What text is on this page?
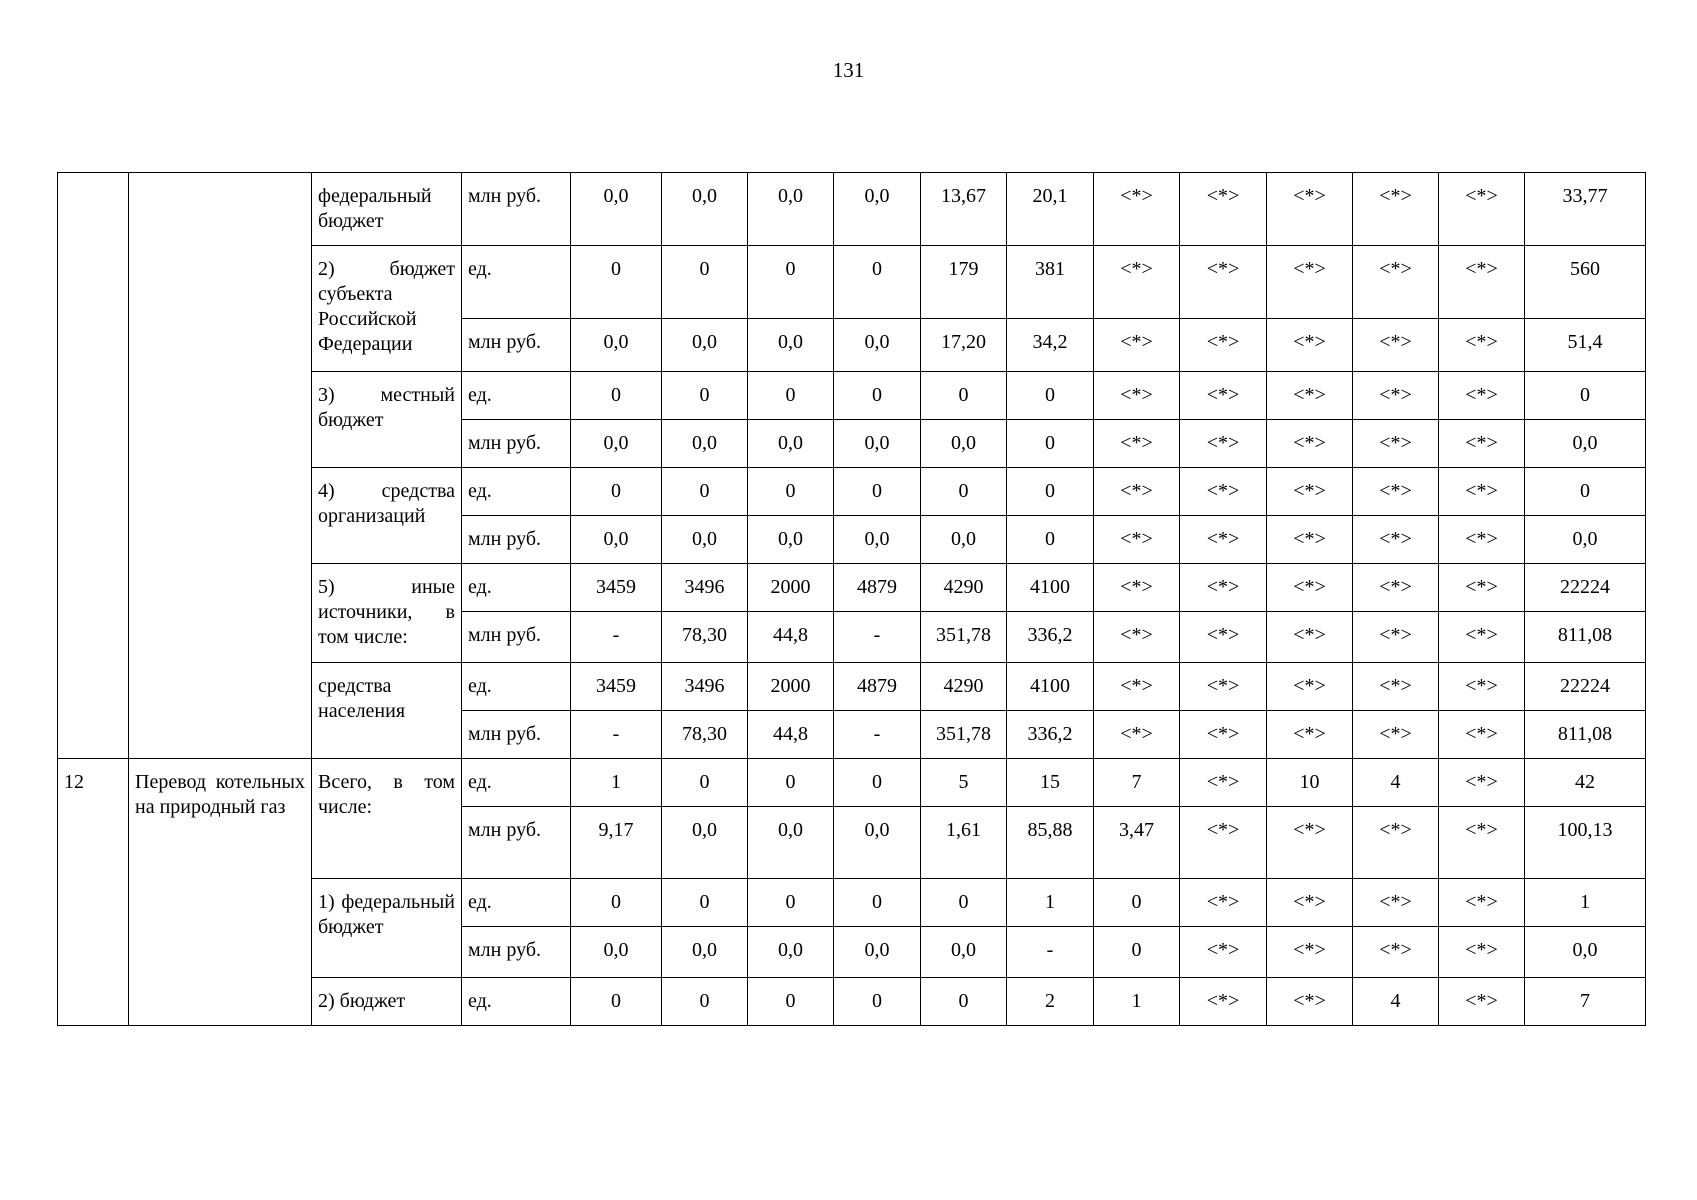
131
		федеральный бюджет	млн руб.	0,0	0,0	0,0	0,0	13,67	20,1	<*>	<*>	<*>	<*>	<*>	33,77
		2) бюджет субъекта Российской Федерации	ед.	0	0	0	0	179	381	<*>	<*>	<*>	<*>	<*>	560
			млн руб.	0,0	0,0	0,0	0,0	17,20	34,2	<*>	<*>	<*>	<*>	<*>	51,4
		3) местный бюджет	ед.	0	0	0	0	0	0	<*>	<*>	<*>	<*>	<*>	0
			млн руб.	0,0	0,0	0,0	0,0	0,0	0	<*>	<*>	<*>	<*>	<*>	0,0
		4) средства организаций	ед.	0	0	0	0	0	0	<*>	<*>	<*>	<*>	<*>	0
			млн руб.	0,0	0,0	0,0	0,0	0,0	0	<*>	<*>	<*>	<*>	<*>	0,0
		5) иные источники, в том числе:	ед.	3459	3496	2000	4879	4290	4100	<*>	<*>	<*>	<*>	<*>	22224
			млн руб.	-	78,30	44,8	-	351,78	336,2	<*>	<*>	<*>	<*>	<*>	811,08
		средства населения	ед.	3459	3496	2000	4879	4290	4100	<*>	<*>	<*>	<*>	<*>	22224
			млн руб.	-	78,30	44,8	-	351,78	336,2	<*>	<*>	<*>	<*>	<*>	811,08
12	Перевод котельных на природный газ	Всего, в том числе:	ед.	1	0	0	0	5	15	7	<*>	10	4	<*>	42
			млн руб.	9,17	0,0	0,0	0,0	1,61	85,88	3,47	<*>	<*>	<*>	<*>	100,13
		1) федеральный бюджет	ед.	0	0	0	0	0	1	0	<*>	<*>	<*>	<*>	1
			млн руб.	0,0	0,0	0,0	0,0	0,0	-	0	<*>	<*>	<*>	<*>	0,0
		2) бюджет	ед.	0	0	0	0	0	2	1	<*>	<*>	4	<*>	7
